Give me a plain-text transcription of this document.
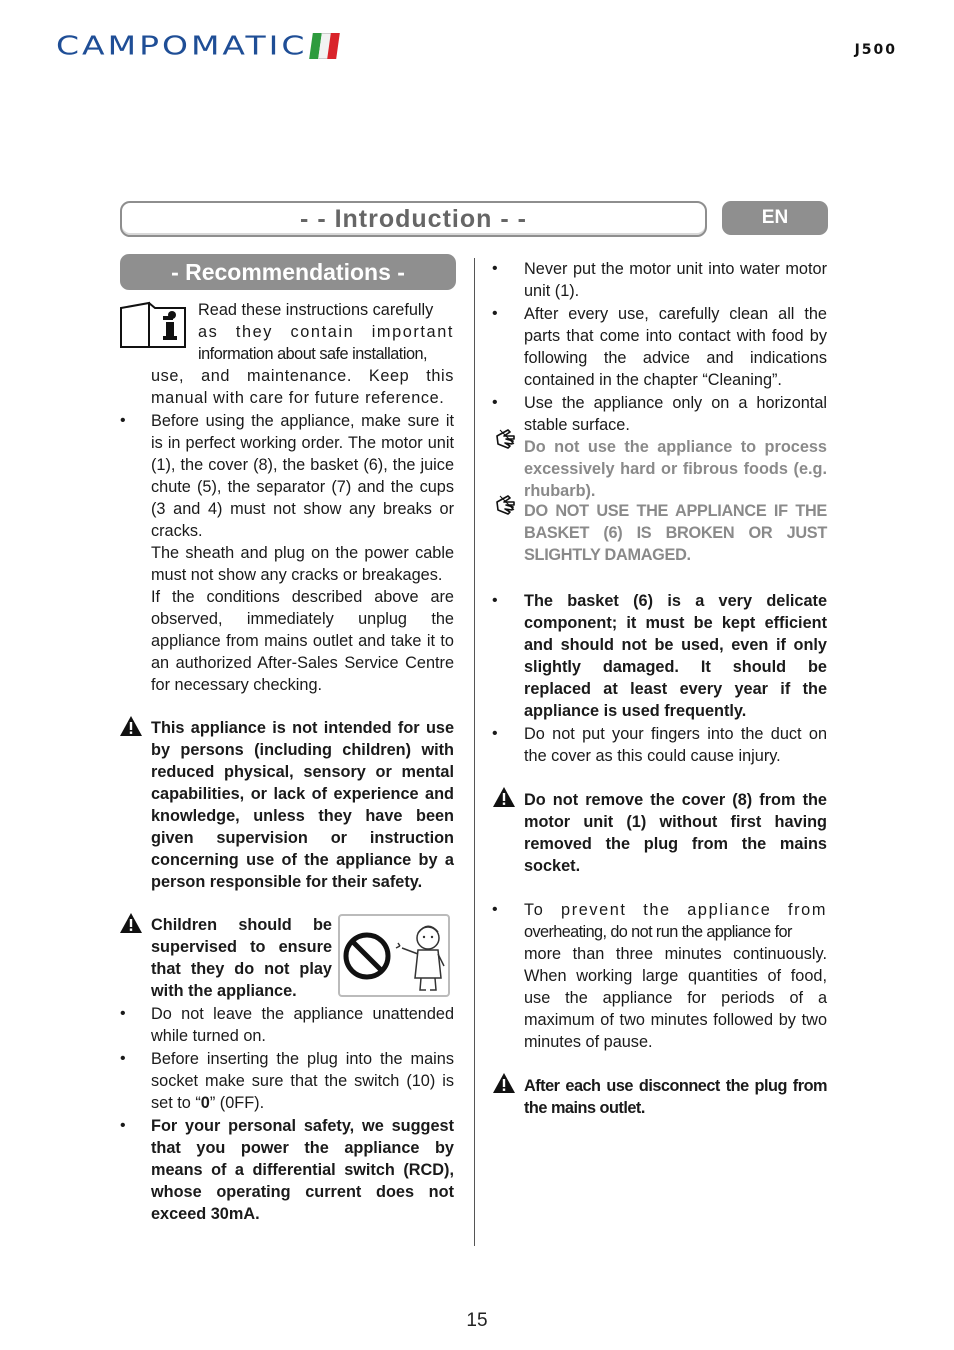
CAMPOMATIC	J500
- - Introduction - -	EN
- Recommendations -
Read these instructions carefully
as they contain important
information about safe installation,

use, and maintenance. Keep this manual with care for future reference.

• Before using the appliance, make sure it is in perfect working order. The motor unit (1), the cover (8), the basket (6), the juice chute (5), the separator (7) and the cups (3 and 4) must not show any breaks or cracks.

The sheath and plug on the power cable must not show any cracks or breakages.

If the conditions described above are observed, immediately unplug the appliance from mains outlet and take it to an authorized After-Sales Service Centre for necessary checking.

This appliance is not intended for use by persons (including children) with reduced physical, sensory or mental capabilities, or lack of experience and knowledge, unless they have been given supervision or instruction concerning use of the appliance by a person responsible for their safety.
Children should be supervised to ensure that they do not play with the appliance.
• Do not leave the appliance unattended while turned on.
• Before inserting the plug into the mains socket make sure that the switch (10) is set to “0” (0FF).
• For your personal safety, we suggest that you power the appliance by means of a differential switch (RCD), whose operating current does not exceed 30mA.
• Never put the motor unit into water motor unit (1).
• After every use, carefully clean all the parts that come into contact with food by following the advice and indications contained in the chapter “Cleaning”.
• Use the appliance only on a horizontal stable surface.
Do not use the appliance to process excessively hard or fibrous foods (e.g. rhubarb).
DO NOT USE THE APPLIANCE IF THE BASKET (6) IS BROKEN OR JUST SLIGHTLY DAMAGED.
• The basket (6) is a very delicate component; it must be kept efficient and should not be used, even if only slightly damaged. It should be replaced at least every year if the appliance is used frequently.
• Do not put your fingers into the duct on the cover as this could cause injury.
Do not remove the cover (8) from the motor unit (1) without first having removed the plug from the mains socket.
• To prevent the appliance from
overheating, do not run the appliance for
more than three minutes continuously. When working large quantities of food, use the appliance for periods of a maximum of two minutes followed by two minutes of pause.
After each use disconnect the plug from the mains outlet.
15
